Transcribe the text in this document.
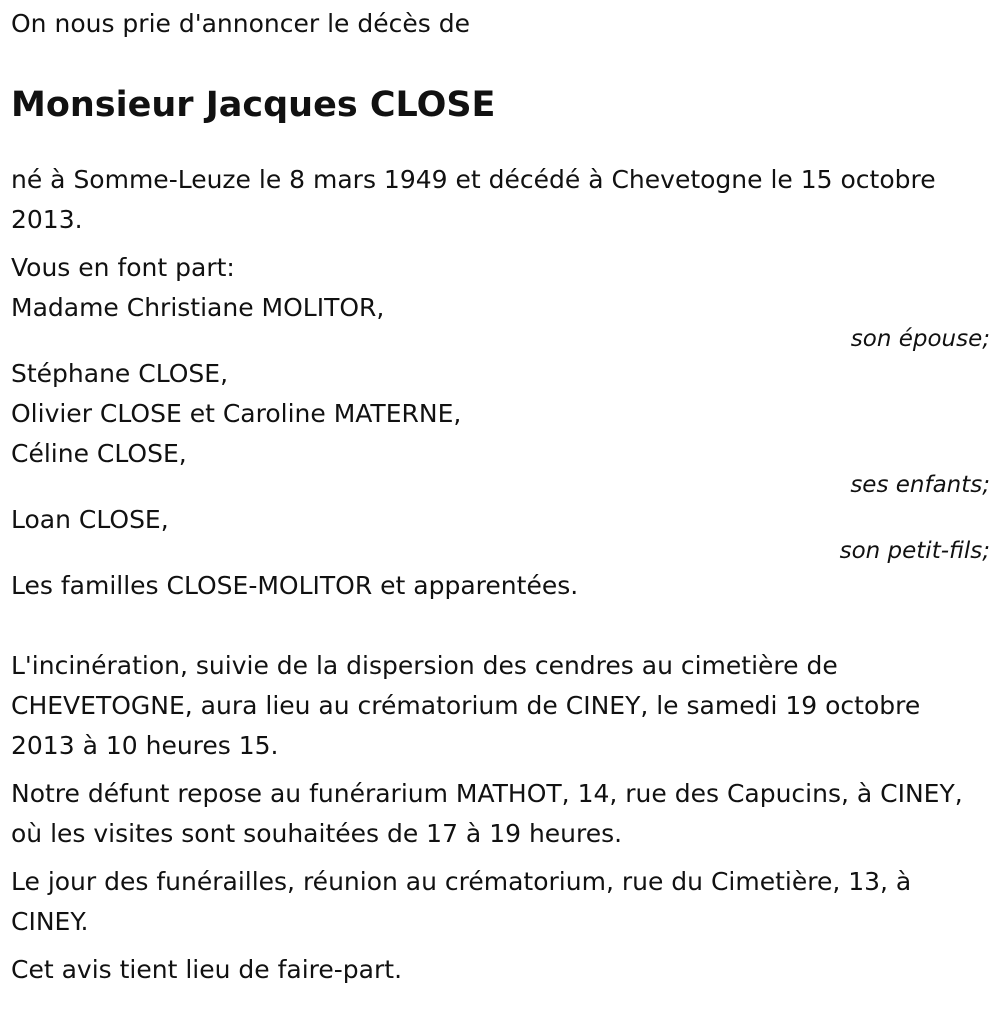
On nous prie d'annoncer le décès de

Monsieur Jacques CLOSE

né à Somme-Leuze le 8 mars 1949 et décédé à Chevetogne le 15 octobre 2013.

Vous en font part:
Madame Christiane MOLITOR,
son épouse;
Stéphane CLOSE,
Olivier CLOSE et Caroline MATERNE,
Céline CLOSE,
ses enfants;
Loan CLOSE,
son petit-fils;
Les familles CLOSE-MOLITOR et apparentées.

L'incinération, suivie de la dispersion des cendres au cimetière de CHEVETOGNE, aura lieu au crématorium de CINEY, le samedi 19 octobre 2013 à 10 heures 15.

Notre défunt repose au funérarium MATHOT, 14, rue des Capucins, à CINEY, où les visites sont souhaitées de 17 à 19 heures.

Le jour des funérailles, réunion au crématorium, rue du Cimetière, 13, à CINEY.

Cet avis tient lieu de faire-part.
